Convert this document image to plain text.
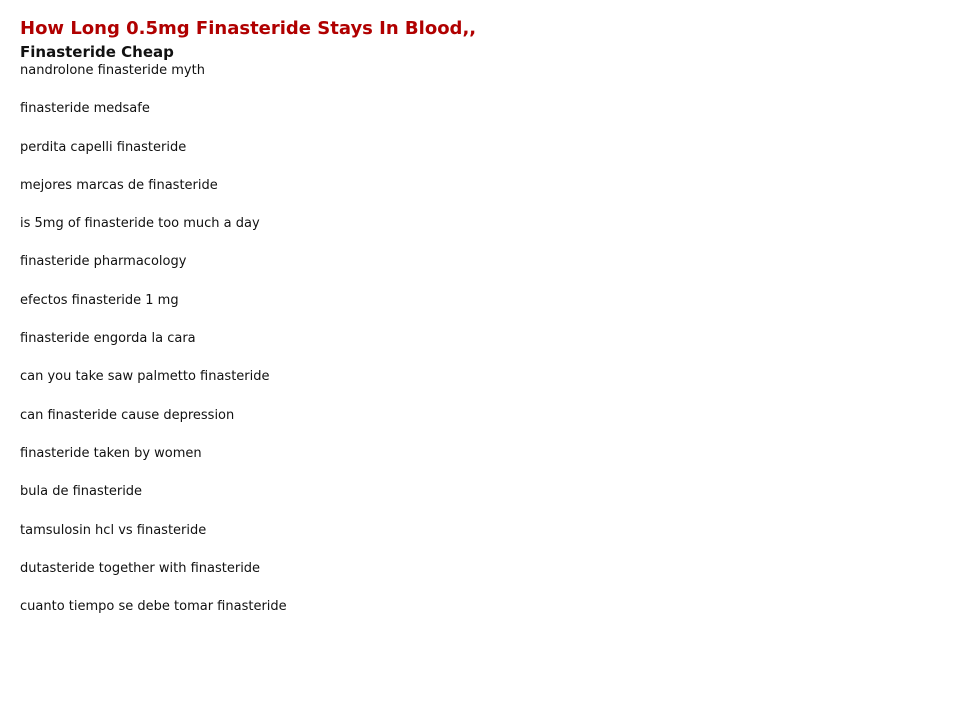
How Long 0.5mg Finasteride Stays In Blood,,
Finasteride Cheap
nandrolone finasteride myth
finasteride medsafe
perdita capelli finasteride
mejores marcas de finasteride
is 5mg of finasteride too much a day
finasteride pharmacology
efectos finasteride 1 mg
finasteride engorda la cara
can you take saw palmetto finasteride
can finasteride cause depression
finasteride taken by women
bula de finasteride
tamsulosin hcl vs finasteride
dutasteride together with finasteride
cuanto tiempo se debe tomar finasteride
